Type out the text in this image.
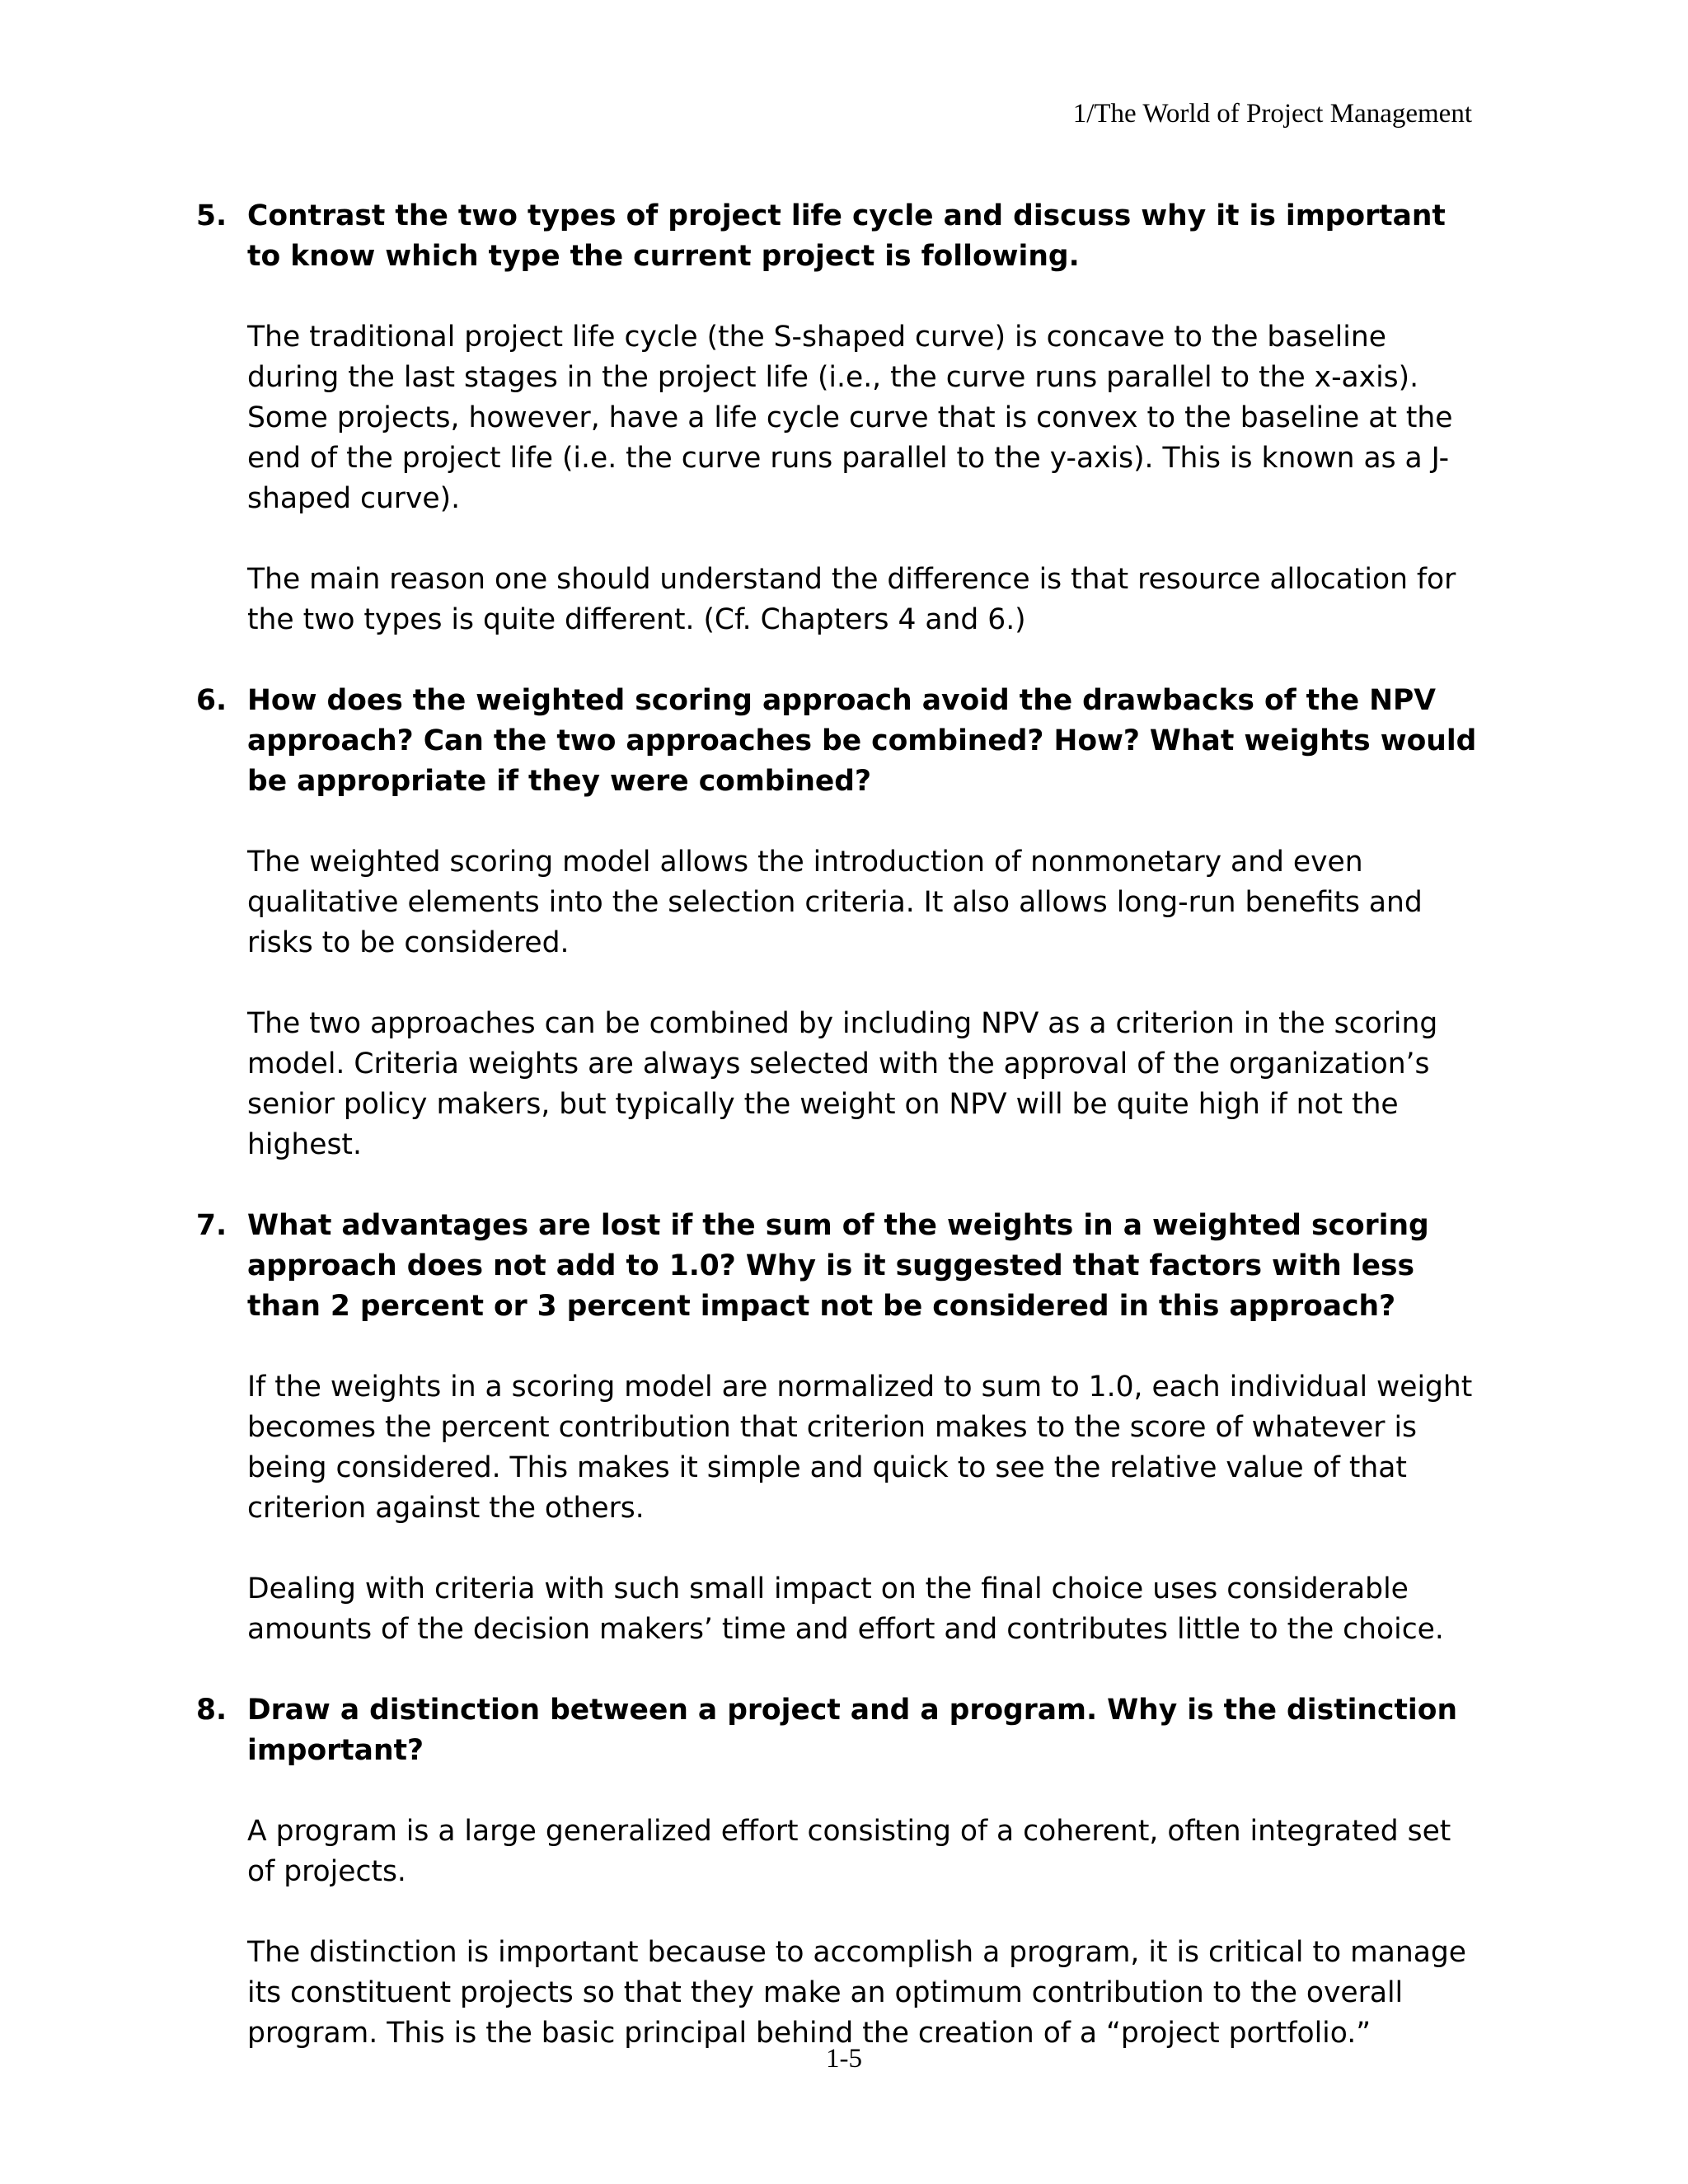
1/The World of Project Management
5. Contrast the two types of project life cycle and discuss why it is important to know which type the current project is following.

The traditional project life cycle (the S-shaped curve) is concave to the baseline during the last stages in the project life (i.e., the curve runs parallel to the x-axis). Some projects, however, have a life cycle curve that is convex to the baseline at the end of the project life (i.e. the curve runs parallel to the y-axis). This is known as a J-shaped curve).

The main reason one should understand the difference is that resource allocation for the two types is quite different. (Cf. Chapters 4 and 6.)

6. How does the weighted scoring approach avoid the drawbacks of the NPV approach? Can the two approaches be combined? How? What weights would be appropriate if they were combined?

The weighted scoring model allows the introduction of nonmonetary and even qualitative elements into the selection criteria. It also allows long-run benefits and risks to be considered.

The two approaches can be combined by including NPV as a criterion in the scoring model. Criteria weights are always selected with the approval of the organization’s senior policy makers, but typically the weight on NPV will be quite high if not the highest.

7. What advantages are lost if the sum of the weights in a weighted scoring approach does not add to 1.0? Why is it suggested that factors with less than 2 percent or 3 percent impact not be considered in this approach?

If the weights in a scoring model are normalized to sum to 1.0, each individual weight becomes the percent contribution that criterion makes to the score of whatever is being considered. This makes it simple and quick to see the relative value of that criterion against the others.

Dealing with criteria with such small impact on the final choice uses considerable amounts of the decision makers’ time and effort and contributes little to the choice.

8. Draw a distinction between a project and a program. Why is the distinction important?

A program is a large generalized effort consisting of a coherent, often integrated set of projects.

The distinction is important because to accomplish a program, it is critical to manage its constituent projects so that they make an optimum contribution to the overall program. This is the basic principal behind the creation of a “project portfolio.”

1-5
